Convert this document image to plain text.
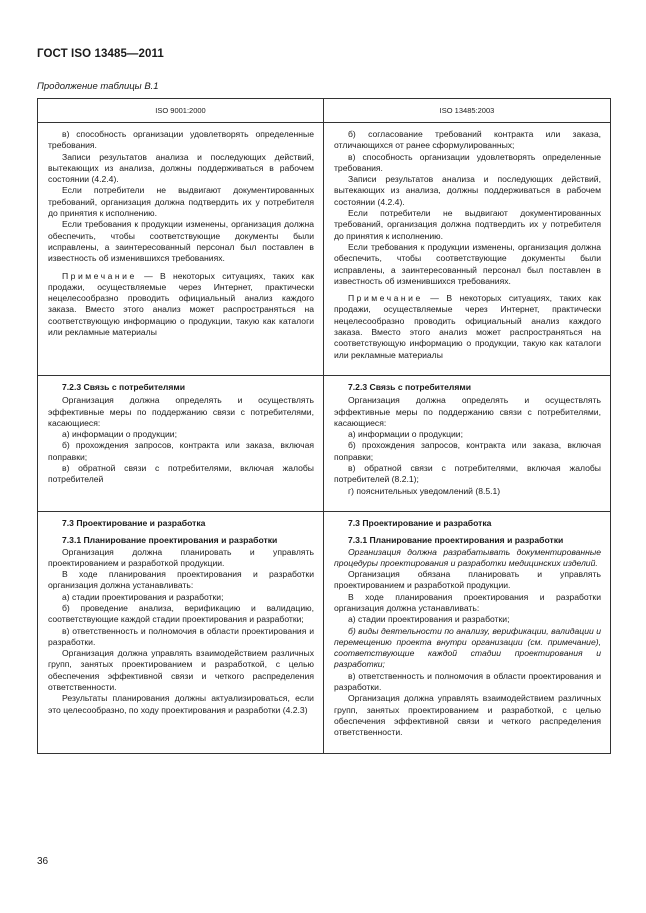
ГОСТ ISO 13485—2011
Продолжение таблицы В.1
ISO 9001:2000	ISO 13485:2003

в) способность организации удовлетворять определенные требования.

Записи результатов анализа и последующих действий, вытекающих из анализа, должны поддерживаться в рабочем состоянии (4.2.4).

Если потребители не выдвигают документированных требований, организация должна подтвердить их у потребителя до принятия к исполнению.

Если требования к продукции изменены, организация должна обеспечить, чтобы соответствующие документы были исправлены, а заинтересованный персонал был поставлен в известность об изменившихся требованиях.

Примечание — В некоторых ситуациях, таких как продажи, осуществляемые через Интернет, практически нецелесообразно проводить официальный анализ каждого заказа. Вместо этого анализ может распространяться на соответствующую информацию о продукции, такую как каталоги или рекламные материалы

б) согласование требований контракта или заказа, отличающихся от ранее сформулированных;

в) способность организации удовлетворять определенные требования.

Записи результатов анализа и последующих действий, вытекающих из анализа, должны поддерживаться в рабочем состоянии (4.2.4).

Если потребители не выдвигают документированных требований, организация должна подтвердить их у потребителя до принятия к исполнению.

Если требования к продукции изменены, организация должна обеспечить, чтобы соответствующие документы были исправлены, а заинтересованный персонал был поставлен в известность об изменившихся требованиях.

Примечание — В некоторых ситуациях, таких как продажи, осуществляемые через Интернет, практически нецелесообразно проводить официальный анализ каждого заказа. Вместо этого анализ может распространяться на соответствующую информацию о продукции, такую как каталоги или рекламные материалы

7.2.3 Связь с потребителями

Организация должна определять и осуществлять эффективные меры по поддержанию связи с потребителями, касающиеся:

а) информации о продукции;

б) прохождения запросов, контракта или заказа, включая поправки;

в) обратной связи с потребителями, включая жалобы потребителей

7.2.3 Связь с потребителями

Организация должна определять и осуществлять эффективные меры по поддержанию связи с потребителями, касающиеся:

а) информации о продукции;

б) прохождения запросов, контракта или заказа, включая поправки;

в) обратной связи с потребителями, включая жалобы потребителей (8.2.1);

г) пояснительных уведомлений (8.5.1)

7.3 Проектирование и разработка

7.3.1 Планирование проектирования и разработки

Организация должна планировать и управлять проектированием и разработкой продукции.

В ходе планирования проектирования и разработки организация должна устанавливать:

а) стадии проектирования и разработки;

б) проведение анализа, верификацию и валидацию, соответствующие каждой стадии проектирования и разработки;

в) ответственность и полномочия в области проектирования и разработки.

Организация должна управлять взаимодействием различных групп, занятых проектированием и разработкой, с целью обеспечения эффективной связи и четкого распределения ответственности.

Результаты планирования должны актуализироваться, если это целесообразно, по ходу проектирования и разработки (4.2.3)

7.3 Проектирование и разработка

7.3.1 Планирование проектирования и разработки

Организация должна разрабатывать документированные процедуры проектирования и разработки медицинских изделий.

Организация обязана планировать и управлять проектированием и разработкой продукции.

В ходе планирования проектирования и разработки организация должна устанавливать:

а) стадии проектирования и разработки;

б) виды деятельности по анализу, верификации, валидации и перемещению проекта внутри организации (см. примечание), соответствующие каждой стадии проектирования и разработки;

в) ответственность и полномочия в области проектирования и разработки.

Организация должна управлять взаимодействием различных групп, занятых проектированием и разработкой, с целью обеспечения эффективной связи и четкого распределения ответственности.

36
